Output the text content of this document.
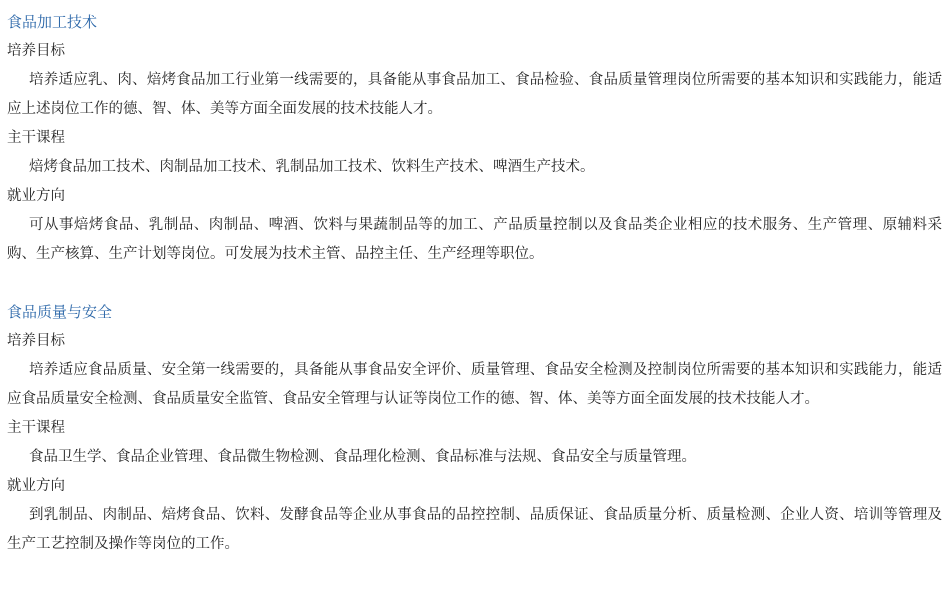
食品加工技术
培养目标
培养适应乳、肉、焙烤食品加工行业第一线需要的，具备能从事食品加工、食品检验、食品质量管理岗位所需要的基本知识和实践能力，能适应上述岗位工作的德、智、体、美等方面全面发展的技术技能人才。
主干课程
焙烤食品加工技术、肉制品加工技术、乳制品加工技术、饮料生产技术、啤酒生产技术。
就业方向
可从事焙烤食品、乳制品、肉制品、啤酒、饮料与果蔬制品等的加工、产品质量控制以及食品类企业相应的技术服务、生产管理、原辅料采购、生产核算、生产计划等岗位。可发展为技术主管、品控主任、生产经理等职位。
食品质量与安全
培养目标
培养适应食品质量、安全第一线需要的，具备能从事食品安全评价、质量管理、食品安全检测及控制岗位所需要的基本知识和实践能力，能适应食品质量安全检测、食品质量安全监管、食品安全管理与认证等岗位工作的德、智、体、美等方面全面发展的技术技能人才。
主干课程
食品卫生学、食品企业管理、食品微生物检测、食品理化检测、食品标准与法规、食品安全与质量管理。
就业方向
到乳制品、肉制品、焙烤食品、饮料、发酵食品等企业从事食品的品控控制、品质保证、食品质量分析、质量检测、企业人资、培训等管理及生产工艺控制及操作等岗位的工作。
